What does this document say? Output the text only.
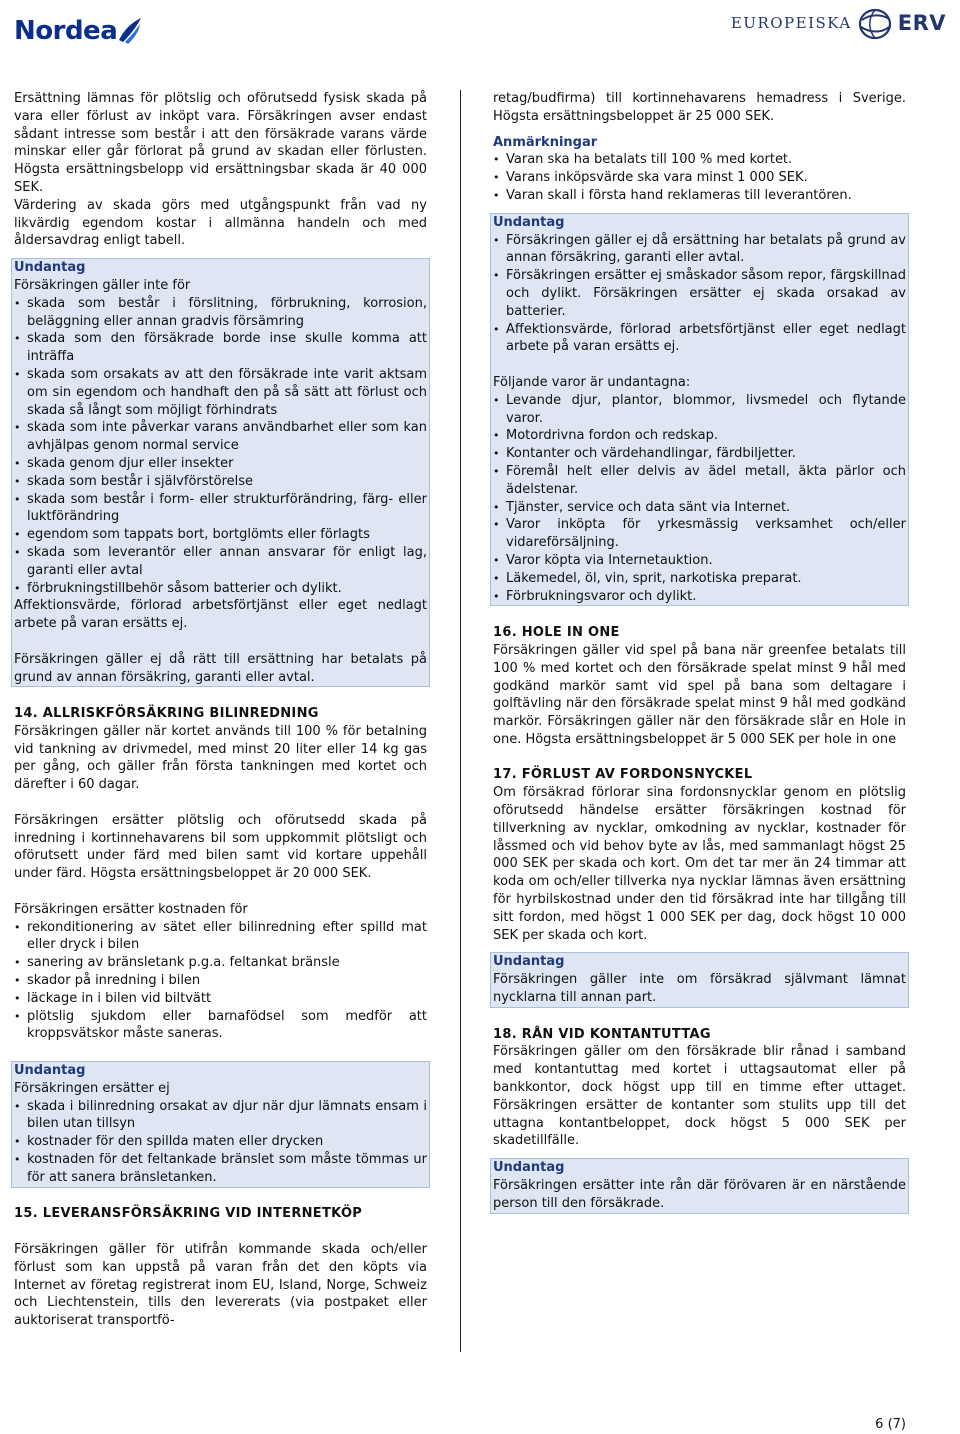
Nordea	EUROPEISKA ERV

Ersättning lämnas för plötslig och oförutsedd fysisk skada på vara eller förlust av inköpt vara. Försäkringen avser endast sådant intresse som består i att den försäkrade varans värde minskar eller går förlorat på grund av skadan eller förlusten. Högsta ersättningsbelopp vid ersättningsbar skada är 40 000 SEK.

Värdering av skada görs med utgångspunkt från vad ny likvärdig egendom kostar i allmänna handeln och med åldersavdrag enligt tabell.

Undantag

Försäkringen gäller inte för

• skada som består i förslitning, förbrukning, korrosion, beläggning eller annan gradvis försämring
• skada som den försäkrade borde inse skulle komma att inträffa
• skada som orsakats av att den försäkrade inte varit aktsam om sin egendom och handhaft den på så sätt att förlust och skada så långt som möjligt förhindrats
• skada som inte påverkar varans användbarhet eller som kan avhjälpas genom normal service
• skada genom djur eller insekter
• skada som består i självförstörelse
• skada som består i form- eller strukturförändring, färg- eller luktförändring
• egendom som tappats bort, bortglömts eller förlagts
• skada som leverantör eller annan ansvarar för enligt lag, garanti eller avtal
• förbrukningstillbehör såsom batterier och dylikt.

Affektionsvärde, förlorad arbetsförtjänst eller eget nedlagt arbete på varan ersätts ej.

Försäkringen gäller ej då rätt till ersättning har betalats på grund av annan försäkring, garanti eller avtal.

14. ALLRISKFÖRSÄKRING BILINREDNING

Försäkringen gäller när kortet används till 100 % för betalning vid tankning av drivmedel, med minst 20 liter eller 14 kg gas per gång, och gäller från första tankningen med kortet och därefter i 60 dagar.

Försäkringen ersätter plötslig och oförutsedd skada på inredning i kortinnehavarens bil som uppkommit plötsligt och oförutsett under färd med bilen samt vid kortare uppehåll under färd. Högsta ersättningsbeloppet är 20 000 SEK.

Försäkringen ersätter kostnaden för

• rekonditionering av sätet eller bilinredning efter spilld mat eller dryck i bilen
• sanering av bränsletank p.g.a. feltankat bränsle
• skador på inredning i bilen
• läckage in i bilen vid biltvätt
• plötslig sjukdom eller barnafödsel som medför att kroppsvätskor måste saneras.

Undantag

Försäkringen ersätter ej

• skada i bilinredning orsakat av djur när djur lämnats ensam i bilen utan tillsyn
• kostnader för den spillda maten eller drycken
• kostnaden för det feltankade bränslet som måste tömmas ur för att sanera bränsletanken.

15. LEVERANSFÖRSÄKRING VID INTERNETKÖP

Försäkringen gäller för utifrån kommande skada och/eller förlust som kan uppstå på varan från det den köpts via Internet av företag registrerat inom EU, Island, Norge, Schweiz och Liechtenstein, tills den levererats (via postpaket eller auktoriserat transportfö-

retag/budfirma) till kortinnehavarens hemadress i Sverige. Högsta ersättningsbeloppet är 25 000 SEK.

Anmärkningar

• Varan ska ha betalats till 100 % med kortet.
• Varans inköpsvärde ska vara minst 1 000 SEK.
• Varan skall i första hand reklameras till leverantören.

Undantag

• Försäkringen gäller ej då ersättning har betalats på grund av annan försäkring, garanti eller avtal.
• Försäkringen ersätter ej småskador såsom repor, färgskillnad och dylikt. Försäkringen ersätter ej skada orsakad av batterier.
• Affektionsvärde, förlorad arbetsförtjänst eller eget nedlagt arbete på varan ersätts ej.

Följande varor är undantagna:

• Levande djur, plantor, blommor, livsmedel och flytande varor.
• Motordrivna fordon och redskap.
• Kontanter och värdehandlingar, färdbiljetter.
• Föremål helt eller delvis av ädel metall, äkta pärlor och ädelstenar.
• Tjänster, service och data sänt via Internet.
• Varor inköpta för yrkesmässig verksamhet och/eller vidareförsäljning.
• Varor köpta via Internetauktion.
• Läkemedel, öl, vin, sprit, narkotiska preparat.
• Förbrukningsvaror och dylikt.

16. HOLE IN ONE

Försäkringen gäller vid spel på bana när greenfee betalats till 100 % med kortet och den försäkrade spelat minst 9 hål med godkänd markör samt vid spel på bana som deltagare i golftävling när den försäkrade spelat minst 9 hål med godkänd markör. Försäkringen gäller när den försäkrade slår en Hole in one. Högsta ersättningsbeloppet är 5 000 SEK per hole in one

17. FÖRLUST AV FORDONSNYCKEL

Om försäkrad förlorar sina fordonsnycklar genom en plötslig oförutsedd händelse ersätter försäkringen kostnad för tillverkning av nycklar, omkodning av nycklar, kostnader för låssmed och vid behov byte av lås, med sammanlagt högst 25 000 SEK per skada och kort. Om det tar mer än 24 timmar att koda om och/eller tillverka nya nycklar lämnas även ersättning för hyrbilskostnad under den tid försäkrad inte har tillgång till sitt fordon, med högst 1 000 SEK per dag, dock högst 10 000 SEK per skada och kort.

Undantag

Försäkringen gäller inte om försäkrad självmant lämnat nycklarna till annan part.

18. RÅN VID KONTANTUTTAG

Försäkringen gäller om den försäkrade blir rånad i samband med kontantuttag med kortet i uttagsautomat eller på bankkontor, dock högst upp till en timme efter uttaget. Försäkringen ersätter de kontanter som stulits upp till det uttagna kontantbeloppet, dock högst 5 000 SEK per skadetillfälle.

Undantag

Försäkringen ersätter inte rån där förövaren är en närstående person till den försäkrade.

6 (7)
